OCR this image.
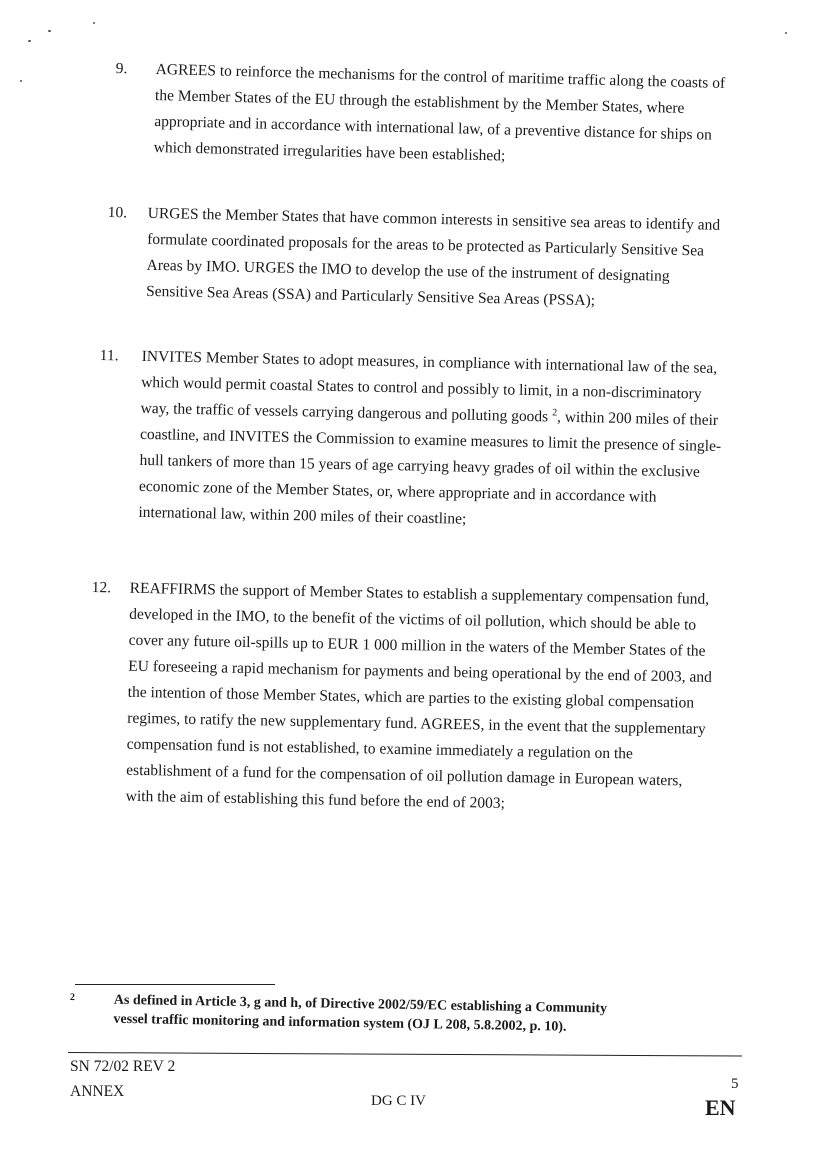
9. AGREES to reinforce the mechanisms for the control of maritime traffic along the coasts of
the Member States of the EU through the establishment by the Member States, where
appropriate and in accordance with international law, of a preventive distance for ships on
which demonstrated irregularities have been established;
10. URGES the Member States that have common interests in sensitive sea areas to identify and
formulate coordinated proposals for the areas to be protected as Particularly Sensitive Sea
Areas by IMO. URGES the IMO to develop the use of the instrument of designating
Sensitive Sea Areas (SSA) and Particularly Sensitive Sea Areas (PSSA);
11. INVITES Member States to adopt measures, in compliance with international law of the sea,
which would permit coastal States to control and possibly to limit, in a non-discriminatory
way, the traffic of vessels carrying dangerous and polluting goods $^2$, within 200 miles of their
coastline, and INVITES the Commission to examine measures to limit the presence of single-
hull tankers of more than 15 years of age carrying heavy grades of oil within the exclusive
economic zone of the Member States, or, where appropriate and in accordance with
international law, within 200 miles of their coastline;
12. REAFFIRMS the support of Member States to establish a supplementary compensation fund,
developed in the IMO, to the benefit of the victims of oil pollution, which should be able to
cover any future oil-spills up to EUR 1 000 million in the waters of the Member States of the
EU foreseeing a rapid mechanism for payments and being operational by the end of 2003, and
the intention of those Member States, which are parties to the existing global compensation
regimes, to ratify the new supplementary fund. AGREES, in the event that the supplementary
compensation fund is not established, to examine immediately a regulation on the
establishment of a fund for the compensation of oil pollution damage in European waters,
with the aim of establishing this fund before the end of 2003;
2	As defined in Article 3, g and h, of Directive 2002/59/EC establishing a Community
vessel traffic monitoring and information system (OJ L 208, 5.8.2002, p. 10).
SN 72/02 REV 2
ANNEX
DG C IV
5
EN
